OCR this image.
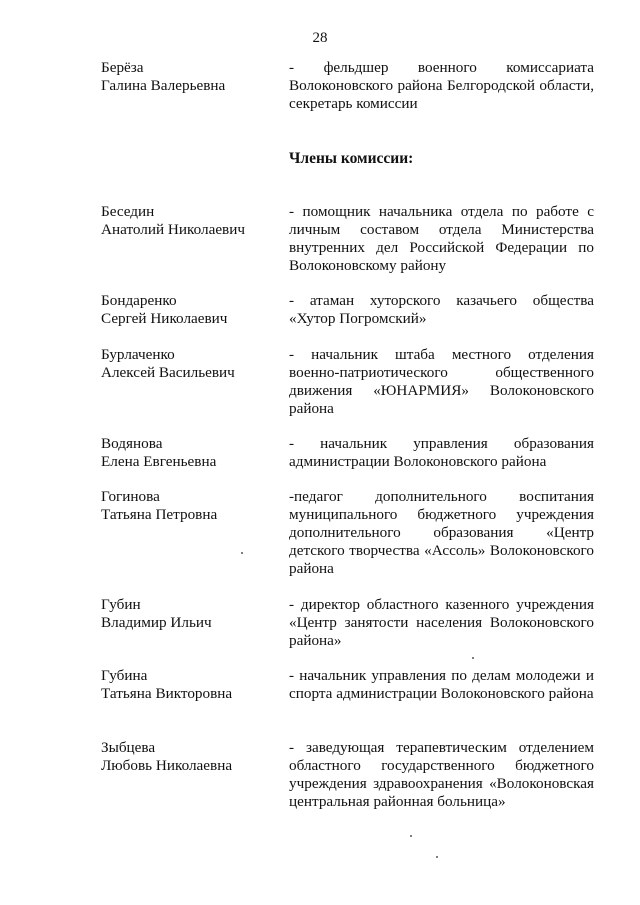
28
Берёза
Галина Валерьевна
- фельдшер военного комиссариата Волоконовского района Белгородской области, секретарь комиссии
Члены комиссии:
Беседин
Анатолий Николаевич
- помощник начальника отдела по работе с личным составом отдела Министерства внутренних дел Российской Федерации по Волоконовскому району
Бондаренко
Сергей Николаевич
- атаман хуторского казачьего общества «Хутор Погромский»
Бурлаченко
Алексей Васильевич
- начальник штаба местного отделения военно-патриотического общественного движения «ЮНАРМИЯ» Волоконовского района
Водянова
Елена Евгеньевна
- начальник управления образования администрации Волоконовского района
Гогинова
Татьяна Петровна
-педагог дополнительного воспитания муниципального бюджетного учреждения дополнительного образования «Центр детского творчества «Ассоль» Волоконовского района
Губин
Владимир Ильич
- директор областного казенного учреждения «Центр занятости населения Волоконовского района»
Губина
Татьяна Викторовна
- начальник управления по делам молодежи и спорта администрации Волоконовского района
Зыбцева
Любовь Николаевна
- заведующая терапевтическим отделением областного государственного бюджетного учреждения здравоохранения «Волоконовская центральная районная больница»
